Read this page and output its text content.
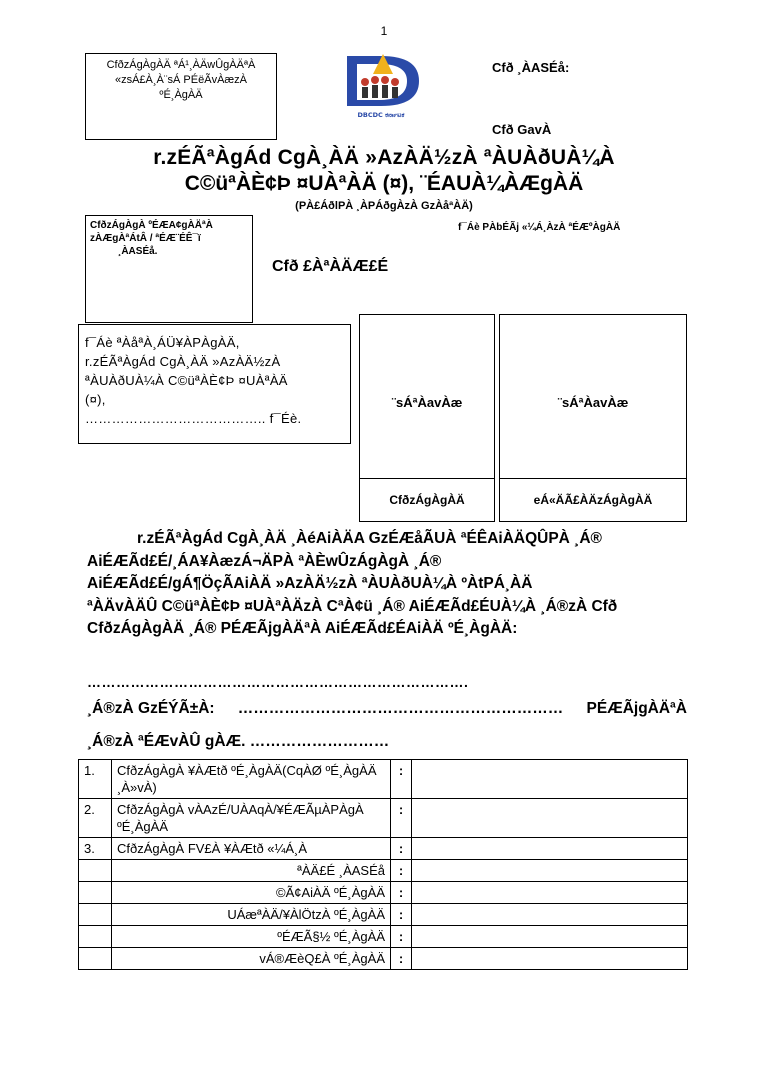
1
CfðzÁgÀgÀÄ ªÁ¹¸ÀÄwÛgÀÄªÀ
«zsÁ£À¸À¨sÁ PÉëÃvÀæzÀ
ºÉ¸ÀgÀÄ
DBCDC ಕರ್ನಾಟಕ
Cfð ¸ÀASÉå:
Cfð GavÀ
r.zÉÃªÀgÁd CgÀ¸ÀÄ »AzÀÄ½zÀ ªÀUÀðUÀ¼À
C©üªÀÈ¢Þ ¤UÀªÀÄ (¤), ¨ÉAUÀ¼ÀÆgÀÄ
(PÀ£ÁðlPÀ ¸ÀPÁðgÀzÀ GzÀåªÀÄ)
CfðzÁgÀgÀ ºÉÆA¢gÀÄªÀ
zÀÆgÀªÁtÂ / ªÉÆ¨ÉÊ¯ï
¸ÀASÉå.
f¯Áè PÀbÉÃj «¼Á¸ÀzÀ ªÉÆºÀgÀÄ
Cfð £ÀªÀÄÆ£É
f¯Áè ªÀåªÀ¸ÁÜ¥ÀPÀgÀÄ,
r.zÉÃªÀgÁd CgÀ¸ÀÄ »AzÀÄ½zÀ
ªÀUÀðUÀ¼À C©üªÀÈ¢Þ ¤UÀªÀÄ
(¤),
………………………………….. f¯Éè.
¨sÁªÀavÀæ
CfðzÁgÀgÀÄ
¨sÁªÀavÀæ
eÁ«ÄÃ£ÀÄzÁgÀgÀÄ
r.zÉÃªÀgÁd CgÀ¸ÀÄ ¸ÀéAiÀÄA GzÉÆåÃUÀ ªÉÊAiÀÄQÛPÀ ¸Á®
AiÉÆÃd£É/¸ÁA¥ÀæzÁ¬ÄPÀ ªÀÈwÛzÁgÀgÀ ¸Á®
AiÉÆÃd£É/gÁ¶ÖçÃAiÀÄ »AzÀÄ½zÀ ªÀUÀðUÀ¼À ºÀtPÁ¸ÀÄ
ªÀÄvÀÄÛ C©üªÀÈ¢Þ ¤UÀªÀÄzÀ CªÀ¢ü ¸Á® AiÉÆÃd£ÉUÀ¼À ¸Á®zÀ Cfð
CfðzÁgÀgÀÄ ¸Á® PÉÆÃjgÀÄªÀ AiÉÆÃd£ÉAiÀÄ ºÉ¸ÀgÀÄ:
…………………………………………………………………….
¸Á®zÀ GzÉÝÃ±À: ……………………………………………………… PÉÆÃjgÀÄªÀ
¸Á®zÀ ªÉÆvÀÛ gÀÆ. ………………………
1.	CfðzÁgÀgÀ ¥ÀÆtð ºÉ¸ÀgÀÄ(CqÀØ ºÉ¸ÀgÀÄ ¸À»vÀ)	:	
2.	CfðzÁgÀgÀ vÀAzÉ/UÀAqÀ/¥ÉÆÃµÀPÀgÀ ºÉ¸ÀgÀÄ	:	
3.	CfðzÁgÀgÀ FV£À ¥ÀÆtð «¼Á¸À	:	
	ªÀÄ£É ¸ÀASÉå	:	
	©Ã¢AiÀÄ ºÉ¸ÀgÀÄ	:	
	UÁæªÀÄ/¥ÀlÖtzÀ ºÉ¸ÀgÀÄ	:	
	ºÉÆÃ§½ ºÉ¸ÀgÀÄ	:	
	vÁ®ÆèQ£À ºÉ¸ÀgÀÄ	:	
